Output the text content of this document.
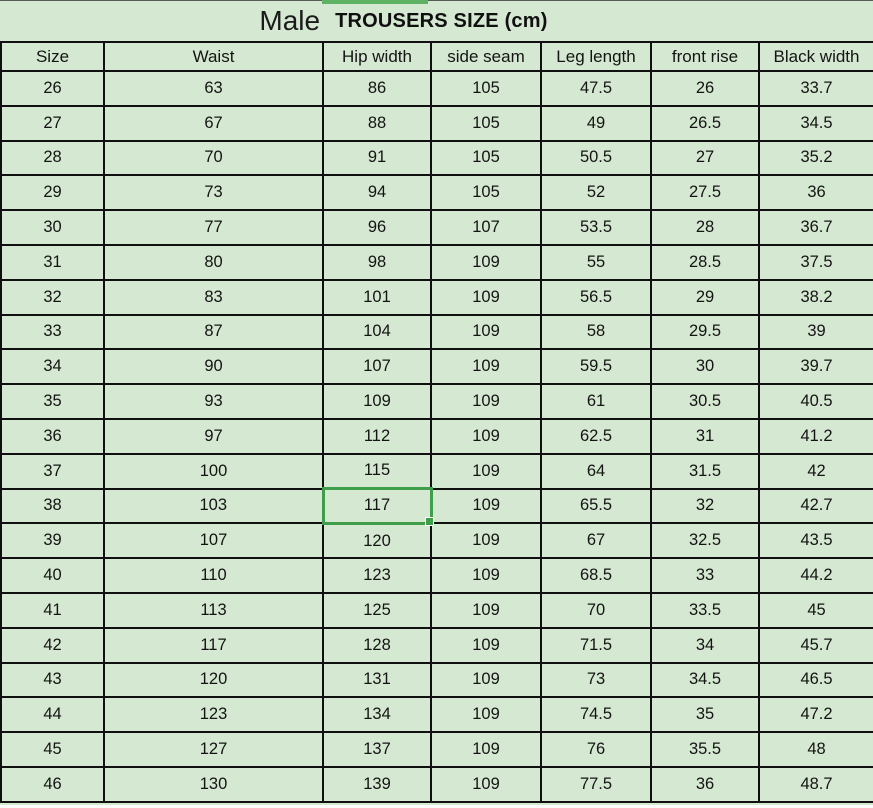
Male TROUSERS SIZE (cm)
Size	Waist	Hip width	side seam	Leg length	front rise	Black width
26	63	86	105	47.5	26	33.7
27	67	88	105	49	26.5	34.5
28	70	91	105	50.5	27	35.2
29	73	94	105	52	27.5	36
30	77	96	107	53.5	28	36.7
31	80	98	109	55	28.5	37.5
32	83	101	109	56.5	29	38.2
33	87	104	109	58	29.5	39
34	90	107	109	59.5	30	39.7
35	93	109	109	61	30.5	40.5
36	97	112	109	62.5	31	41.2
37	100	115	109	64	31.5	42
38	103	117	109	65.5	32	42.7
39	107	120	109	67	32.5	43.5
40	110	123	109	68.5	33	44.2
41	113	125	109	70	33.5	45
42	117	128	109	71.5	34	45.7
43	120	131	109	73	34.5	46.5
44	123	134	109	74.5	35	47.2
45	127	137	109	76	35.5	48
46	130	139	109	77.5	36	48.7
